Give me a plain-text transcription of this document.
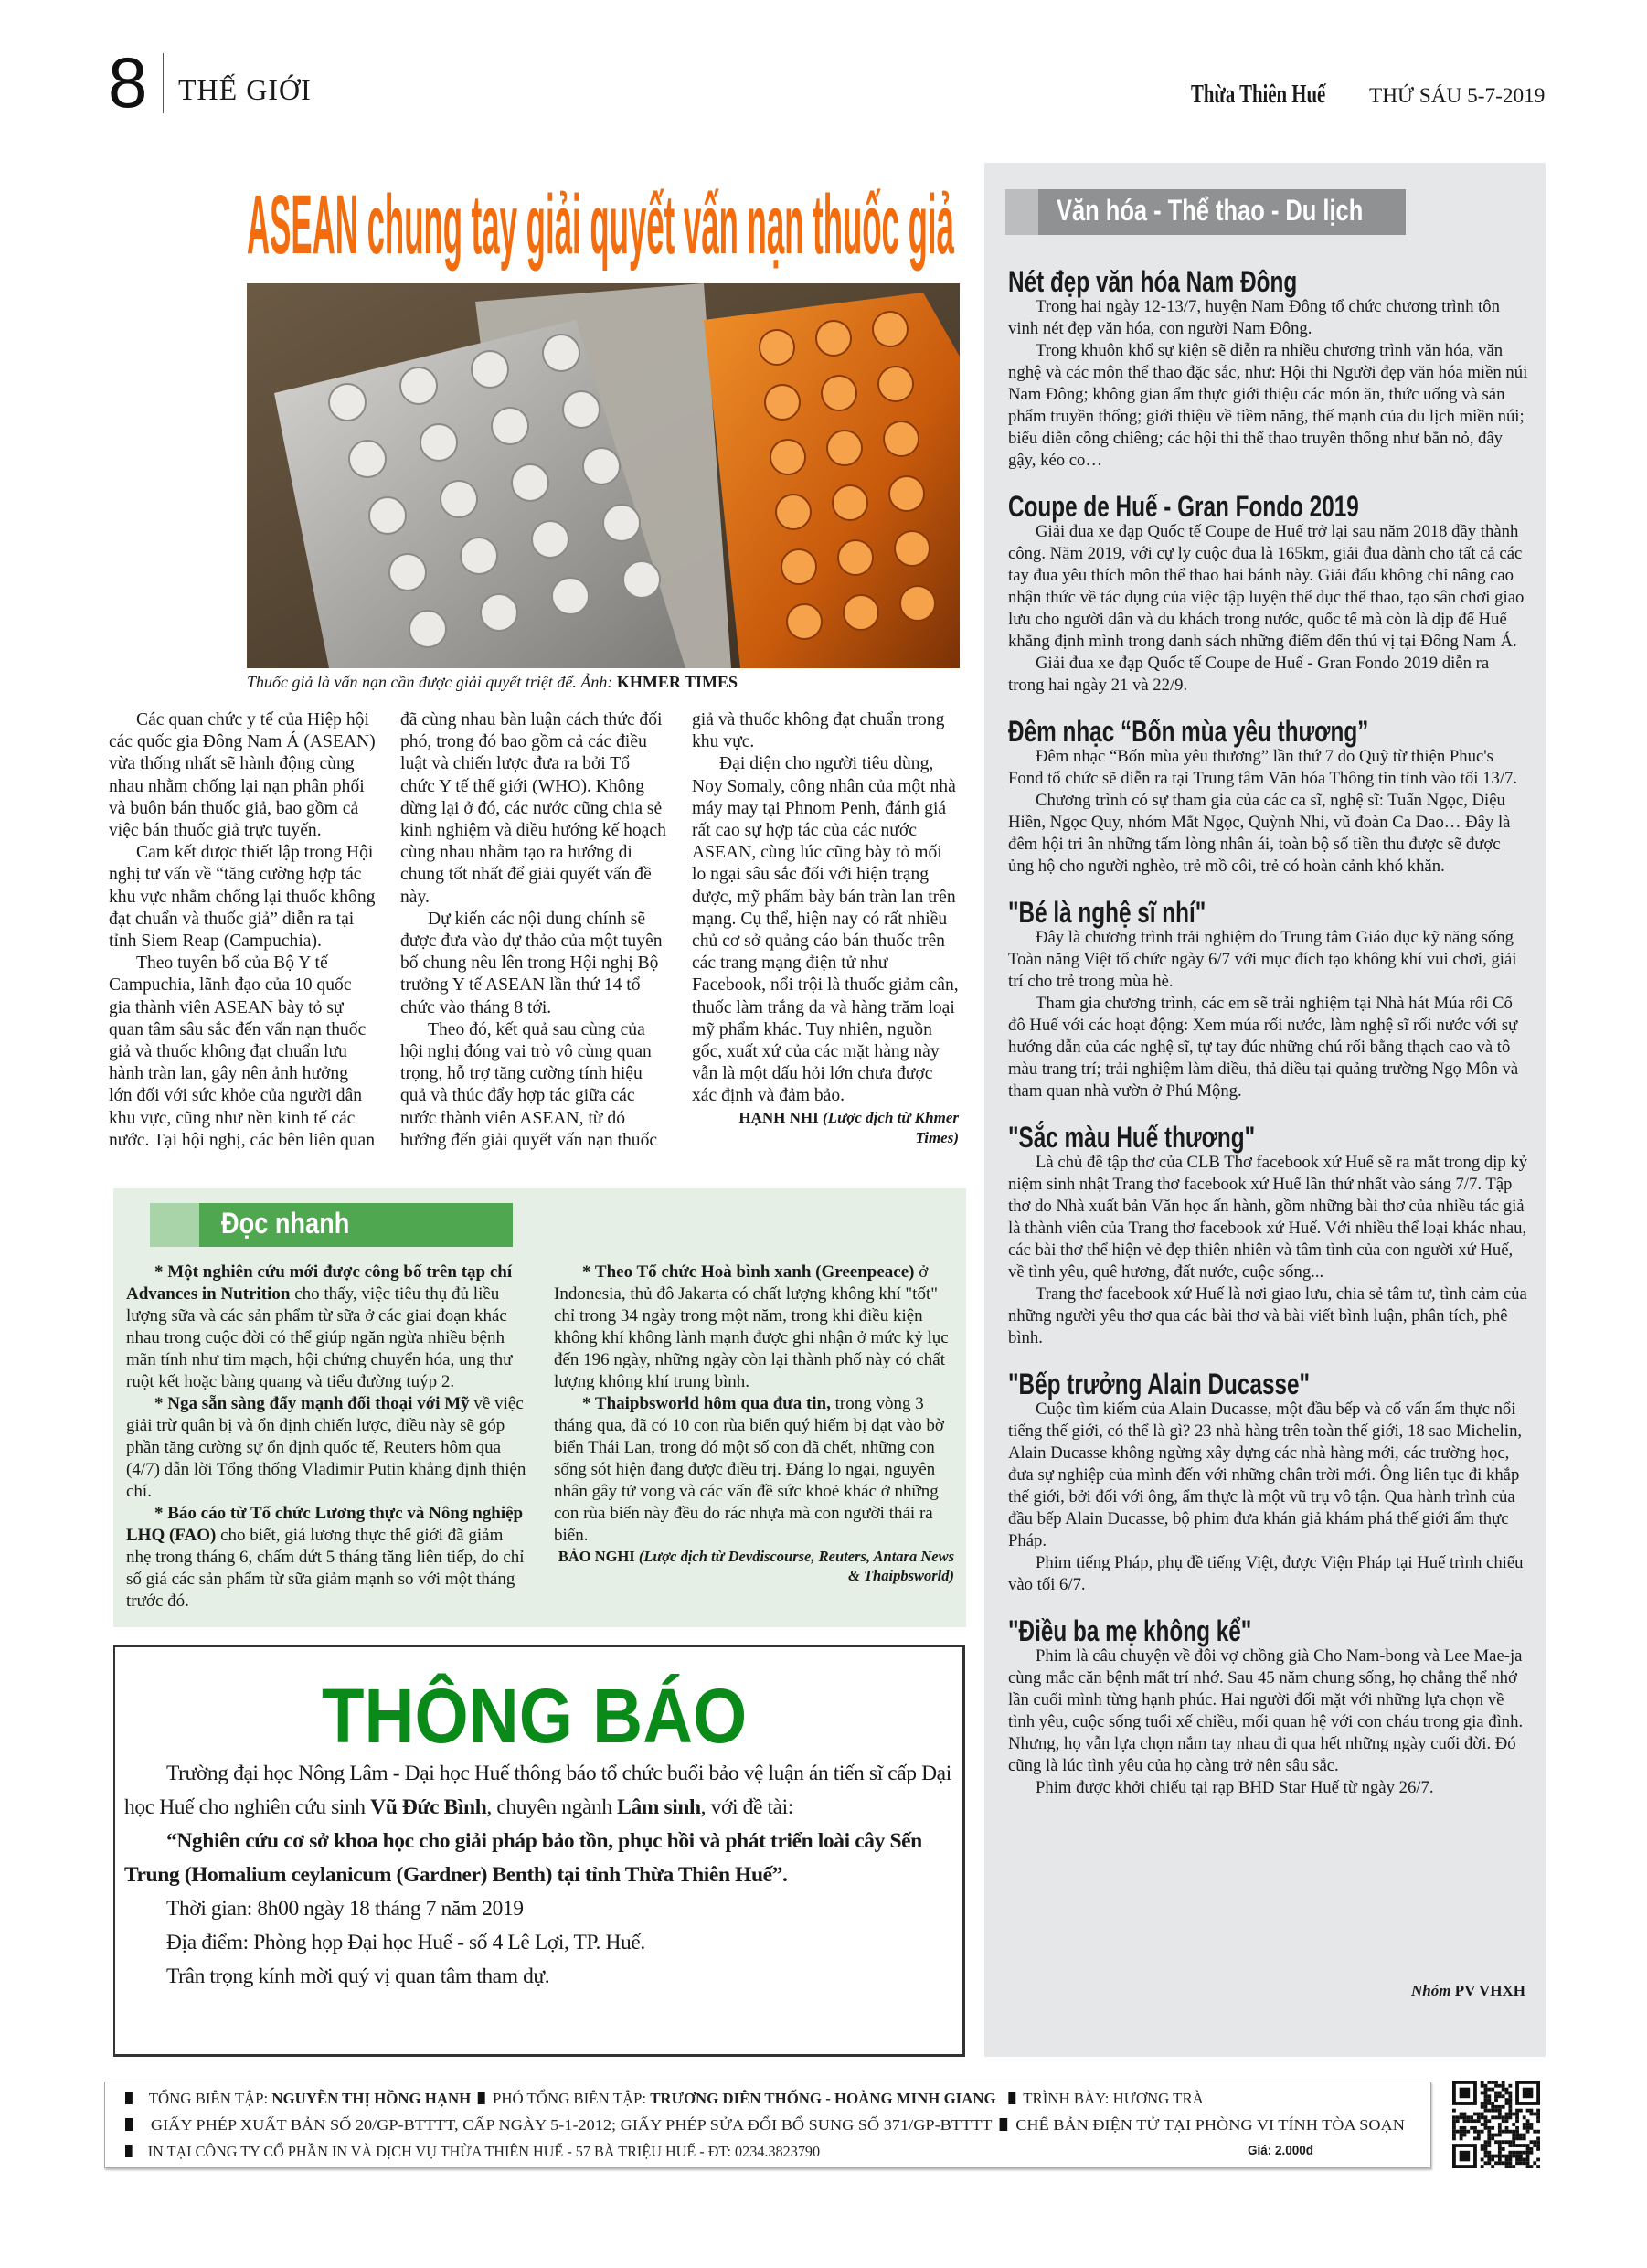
8 THẾ GIỚI	Thừa Thiên Huế	THỨ SÁU 5-7-2019
ASEAN chung tay giải quyết vấn nạn thuốc giả
Thuốc giả là vấn nạn cần được giải quyết triệt để. Ảnh: KHMER TIMES

Các quan chức y tế của Hiệp hội các quốc gia Đông Nam Á (ASEAN) vừa thống nhất sẽ hành động cùng nhau nhằm chống lại nạn phân phối và buôn bán thuốc giả, bao gồm cả việc bán thuốc giả trực tuyến.

Cam kết được thiết lập trong Hội nghị tư vấn về “tăng cường hợp tác khu vực nhằm chống lại thuốc không đạt chuẩn và thuốc giả” diễn ra tại tỉnh Siem Reap (Campuchia).

Theo tuyên bố của Bộ Y tế Campuchia, lãnh đạo của 10 quốc gia thành viên ASEAN bày tỏ sự quan tâm sâu sắc đến vấn nạn thuốc giả và thuốc không đạt chuẩn lưu hành tràn lan, gây nên ảnh hưởng lớn đối với sức khỏe của người dân khu vực, cũng như nền kinh tế các nước. Tại hội nghị, các bên liên quan đã cùng nhau bàn luận cách thức đối phó, trong đó bao gồm cả các điều luật và chiến lược đưa ra bởi Tổ chức Y tế thế giới (WHO). Không dừng lại ở đó, các nước cũng chia sẻ kinh nghiệm và điều hướng kế hoạch cùng nhau nhằm tạo ra hướng đi chung tốt nhất để giải quyết vấn đề này.

Dự kiến các nội dung chính sẽ được đưa vào dự thảo của một tuyên bố chung nêu lên trong Hội nghị Bộ trưởng Y tế ASEAN lần thứ 14 tổ chức vào tháng 8 tới.

Theo đó, kết quả sau cùng của hội nghị đóng vai trò vô cùng quan trọng, hỗ trợ tăng cường tính hiệu quả và thúc đẩy hợp tác giữa các nước thành viên ASEAN, từ đó hướng đến giải quyết vấn nạn thuốc giả và thuốc không đạt chuẩn trong khu vực.

Đại diện cho người tiêu dùng, Noy Somaly, công nhân của một nhà máy may tại Phnom Penh, đánh giá rất cao sự hợp tác của các nước ASEAN, cùng lúc cũng bày tỏ mối lo ngại sâu sắc đối với hiện trạng dược, mỹ phẩm bày bán tràn lan trên mạng. Cụ thể, hiện nay có rất nhiều chủ cơ sở quảng cáo bán thuốc trên các trang mạng điện tử như Facebook, nổi trội là thuốc giảm cân, thuốc làm trắng da và hàng trăm loại mỹ phẩm khác. Tuy nhiên, nguồn gốc, xuất xứ của các mặt hàng này vẫn là một dấu hỏi lớn chưa được xác định và đảm bảo.

HẠNH NHI (Lược dịch từ Khmer Times)

Đọc nhanh

* Một nghiên cứu mới được công bố trên tạp chí Advances in Nutrition cho thấy, việc tiêu thụ đủ liều lượng sữa và các sản phẩm từ sữa ở các giai đoạn khác nhau trong cuộc đời có thể giúp ngăn ngừa nhiều bệnh mãn tính như tim mạch, hội chứng chuyển hóa, ung thư ruột kết hoặc bàng quang và tiểu đường tuýp 2.

* Nga sẵn sàng đẩy mạnh đối thoại với Mỹ về việc giải trừ quân bị và ổn định chiến lược, điều này sẽ góp phần tăng cường sự ổn định quốc tế, Reuters hôm qua (4/7) dẫn lời Tổng thống Vladimir Putin khẳng định thiện chí.

* Báo cáo từ Tổ chức Lương thực và Nông nghiệp LHQ (FAO) cho biết, giá lương thực thế giới đã giảm nhẹ trong tháng 6, chấm dứt 5 tháng tăng liên tiếp, do chỉ số giá các sản phẩm từ sữa giảm mạnh so với một tháng trước đó.

* Theo Tổ chức Hoà bình xanh (Greenpeace) ở Indonesia, thủ đô Jakarta có chất lượng không khí "tốt" chỉ trong 34 ngày trong một năm, trong khi điều kiện không khí không lành mạnh được ghi nhận ở mức kỷ lục đến 196 ngày, những ngày còn lại thành phố này có chất lượng không khí trung bình.

* Thaipbsworld hôm qua đưa tin, trong vòng 3 tháng qua, đã có 10 con rùa biển quý hiếm bị dạt vào bờ biển Thái Lan, trong đó một số con đã chết, những con sống sót hiện đang được điều trị. Đáng lo ngại, nguyên nhân gây tử vong và các vấn đề sức khoẻ khác ở những con rùa biển này đều do rác nhựa mà con người thải ra biển.

BẢO NGHI (Lược dịch từ Devdiscourse, Reuters, Antara News & Thaipbsworld)

THÔNG BÁO

Trường đại học Nông Lâm - Đại học Huế thông báo tổ chức buổi bảo vệ luận án tiến sĩ cấp Đại học Huế cho nghiên cứu sinh Vũ Đức Bình, chuyên ngành Lâm sinh, với đề tài:

“Nghiên cứu cơ sở khoa học cho giải pháp bảo tồn, phục hồi và phát triển loài cây Sến Trung (Homalium ceylanicum (Gardner) Benth) tại tỉnh Thừa Thiên Huế”.

Thời gian: 8h00 ngày 18 tháng 7 năm 2019

Địa điểm: Phòng họp Đại học Huế - số 4 Lê Lợi, TP. Huế.

Trân trọng kính mời quý vị quan tâm tham dự.

Văn hóa - Thể thao - Du lịch
Nét đẹp văn hóa Nam Đông

Trong hai ngày 12-13/7, huyện Nam Đông tổ chức chương trình tôn vinh nét đẹp văn hóa, con người Nam Đông.

Trong khuôn khổ sự kiện sẽ diễn ra nhiều chương trình văn hóa, văn nghệ và các môn thể thao đặc sắc, như: Hội thi Người đẹp văn hóa miền núi Nam Đông; không gian ẩm thực giới thiệu các món ăn, thức uống và sản phẩm truyền thống; giới thiệu về tiềm năng, thế mạnh của du lịch miền núi; biểu diễn cồng chiêng; các hội thi thể thao truyền thống như bắn nỏ, đẩy gậy, kéo co…

Coupe de Huế - Gran Fondo 2019

Giải đua xe đạp Quốc tế Coupe de Huế trở lại sau năm 2018 đầy thành công. Năm 2019, với cự ly cuộc đua là 165km, giải đua dành cho tất cả các tay đua yêu thích môn thể thao hai bánh này. Giải đấu không chỉ nâng cao nhận thức về tác dụng của việc tập luyện thể dục thể thao, tạo sân chơi giao lưu cho người dân và du khách trong nước, quốc tế mà còn là dịp để Huế khẳng định mình trong danh sách những điểm đến thú vị tại Đông Nam Á.

Giải đua xe đạp Quốc tế Coupe de Huế - Gran Fondo 2019 diễn ra trong hai ngày 21 và 22/9.

Đêm nhạc “Bốn mùa yêu thương”

Đêm nhạc “Bốn mùa yêu thương” lần thứ 7 do Quỹ từ thiện Phuc's Fond tổ chức sẽ diễn ra tại Trung tâm Văn hóa Thông tin tỉnh vào tối 13/7.

Chương trình có sự tham gia của các ca sĩ, nghệ sĩ: Tuấn Ngọc, Diệu Hiền, Ngọc Quy, nhóm Mắt Ngọc, Quỳnh Nhi, vũ đoàn Ca Dao… Đây là đêm hội tri ân những tấm lòng nhân ái, toàn bộ số tiền thu được sẽ được ủng hộ cho người nghèo, trẻ mồ côi, trẻ có hoàn cảnh khó khăn.

"Bé là nghệ sĩ nhí"

Đây là chương trình trải nghiệm do Trung tâm Giáo dục kỹ năng sống Toàn năng Việt tổ chức ngày 6/7 với mục đích tạo không khí vui chơi, giải trí cho trẻ trong mùa hè.

Tham gia chương trình, các em sẽ trải nghiệm tại Nhà hát Múa rối Cố đô Huế với các hoạt động: Xem múa rối nước, làm nghệ sĩ rối nước với sự hướng dẫn của các nghệ sĩ, tự tay đúc những chú rối bằng thạch cao và tô màu trang trí; trải nghiệm làm diều, thả diều tại quảng trường Ngọ Môn và tham quan nhà vườn ở Phú Mộng.

"Sắc màu Huế thương"

Là chủ đề tập thơ của CLB Thơ facebook xứ Huế sẽ ra mắt trong dịp kỷ niệm sinh nhật Trang thơ facebook xứ Huế lần thứ nhất vào sáng 7/7. Tập thơ do Nhà xuất bản Văn học ấn hành, gồm những bài thơ của nhiều tác giả là thành viên của Trang thơ facebook xứ Huế. Với nhiều thể loại khác nhau, các bài thơ thể hiện vẻ đẹp thiên nhiên và tâm tình của con người xứ Huế, về tình yêu, quê hương, đất nước, cuộc sống...

Trang thơ facebook xứ Huế là nơi giao lưu, chia sẻ tâm tư, tình cảm của những người yêu thơ qua các bài thơ và bài viết bình luận, phân tích, phê bình.

"Bếp trưởng Alain Ducasse"

Cuộc tìm kiếm của Alain Ducasse, một đầu bếp và cố vấn ẩm thực nổi tiếng thế giới, có thể là gì? 23 nhà hàng trên toàn thế giới, 18 sao Michelin, Alain Ducasse không ngừng xây dựng các nhà hàng mới, các trường học, đưa sự nghiệp của mình đến với những chân trời mới. Ông liên tục đi khắp thế giới, bởi đối với ông, ẩm thực là một vũ trụ vô tận. Qua hành trình của đầu bếp Alain Ducasse, bộ phim đưa khán giả khám phá thế giới ẩm thực Pháp.

Phim tiếng Pháp, phụ đề tiếng Việt, được Viện Pháp tại Huế trình chiếu vào tối 6/7.

"Điều ba mẹ không kể"

Phim là câu chuyện về đôi vợ chồng già Cho Nam-bong và Lee Mae-ja cùng mắc căn bệnh mất trí nhớ. Sau 45 năm chung sống, họ chẳng thể nhớ lần cuối mình từng hạnh phúc. Hai người đối mặt với những lựa chọn về tình yêu, cuộc sống tuổi xế chiều, mối quan hệ với con cháu trong gia đình. Nhưng, họ vẫn lựa chọn nắm tay nhau đi qua hết những ngày cuối đời. Đó cũng là lúc tình yêu của họ càng trở nên sâu sắc.

Phim được khởi chiếu tại rạp BHD Star Huế từ ngày 26/7.

Nhóm PV VHXH
TỔNG BIÊN TẬP: NGUYỄN THỊ HỒNG HẠNH PHÓ TỔNG BIÊN TẬP: TRƯƠNG DIÊN THỐNG - HOÀNG MINH GIANG TRÌNH BÀY: HƯƠNG TRÀ
GIẤY PHÉP XUẤT BẢN SỐ 20/GP-BTTTT, CẤP NGÀY 5-1-2012; GIẤY PHÉP SỬA ĐỔI BỔ SUNG SỐ 371/GP-BTTTT CHẾ BẢN ĐIỆN TỬ TẠI PHÒNG VI TÍNH TÒA SOẠN
IN TẠI CÔNG TY CỔ PHẦN IN VÀ DỊCH VỤ THỪA THIÊN HUẾ - 57 BÀ TRIỆU HUẾ - ĐT: 0234.3823790	Giá: 2.000đ
